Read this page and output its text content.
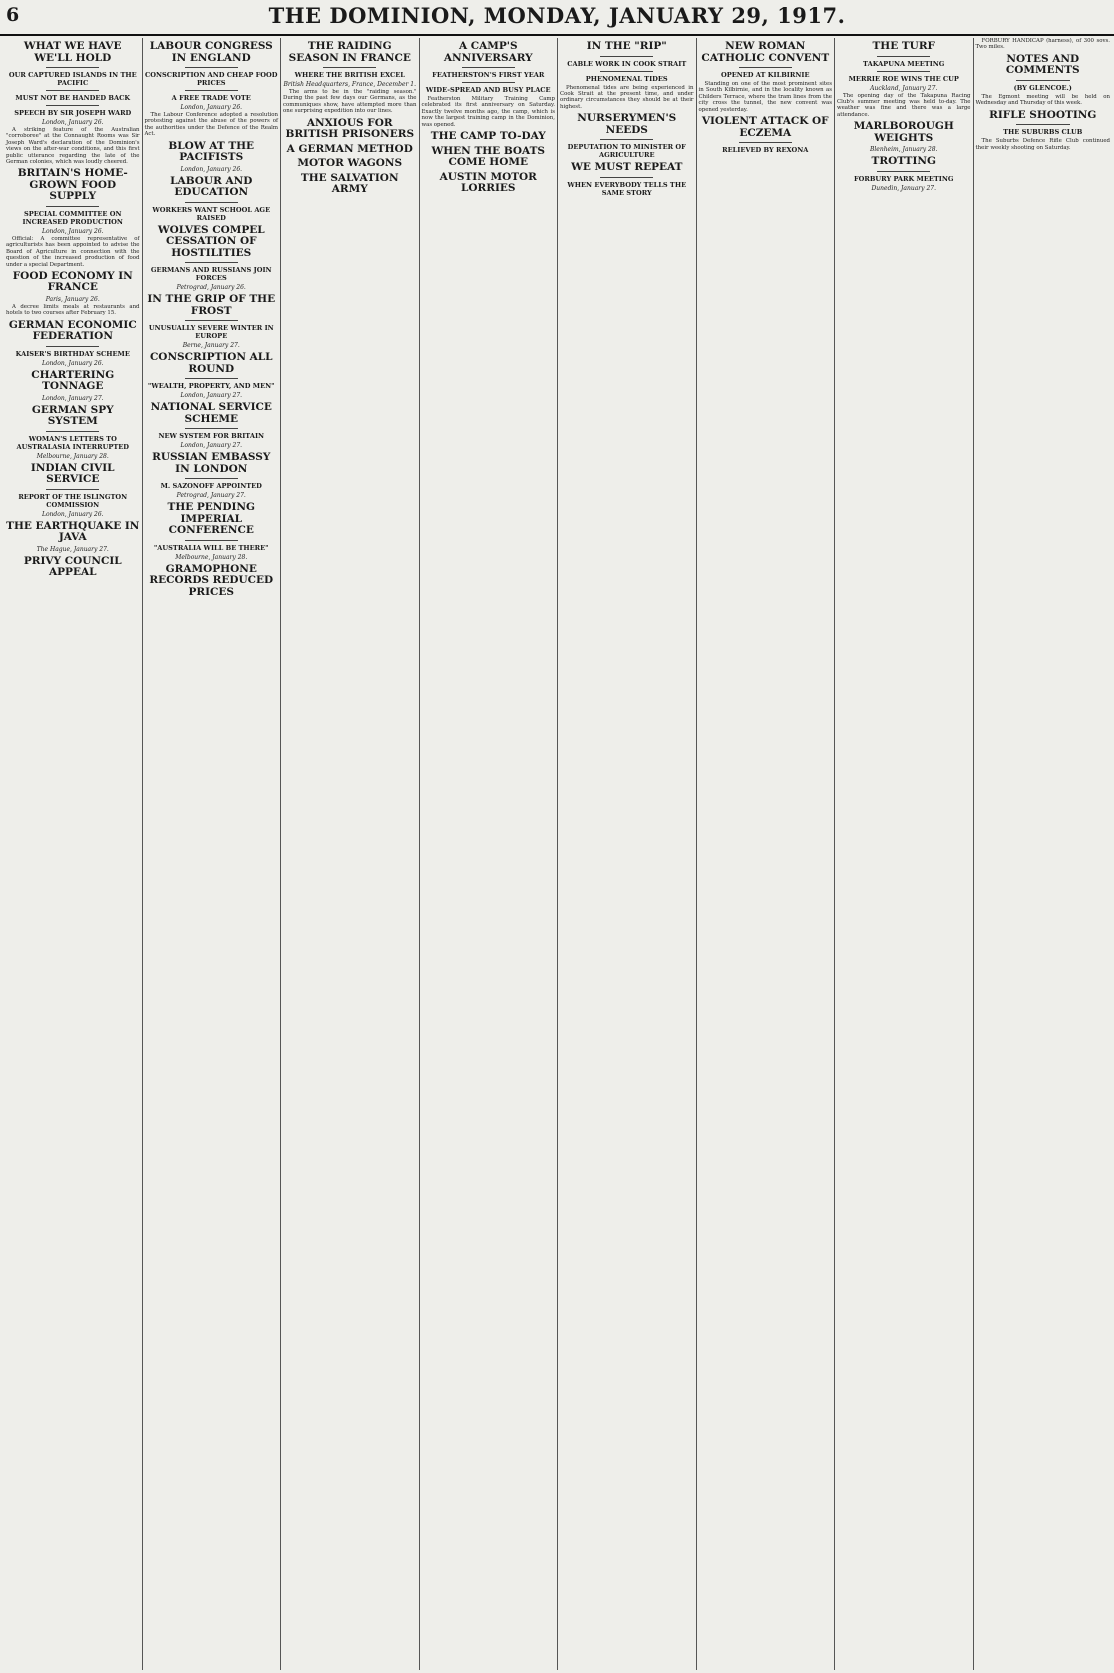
6	THE DOMINION, MONDAY, JANUARY 29, 1917.
WHAT WE HAVE WE'LL HOLD
OUR CAPTURED ISLANDS IN THE PACIFIC
MUST NOT BE HANDED BACK
SPEECH BY SIR JOSEPH WARD
London, January 26.

A striking feature of the Australian "corroboree" at the Connaught Rooms was Sir Joseph Ward's declaration of the Dominion's views on the after-war conditions, and this first public utterance regarding the late of the German colonies, which was loudly cheered.

BRITAIN'S HOME-GROWN FOOD SUPPLY
SPECIAL COMMITTEE ON INCREASED PRODUCTION
London, January 26.

Official: A committee representative of agriculturists has been appointed to advise the Board of Agriculture in connection with the question of the increased production of food under a special Department.

FOOD ECONOMY IN FRANCE
Paris, January 26.

A decree limits meals at restaurants and hotels to two courses after February 15.

GERMAN ECONOMIC FEDERATION
KAISER'S BIRTHDAY SCHEME
London, January 26.
CHARTERING TONNAGE
London, January 27.
GERMAN SPY SYSTEM
WOMAN'S LETTERS TO AUSTRALASIA INTERRUPTED
Melbourne, January 28.
INDIAN CIVIL SERVICE
REPORT OF THE ISLINGTON COMMISSION
London, January 26.
THE EARTHQUAKE IN JAVA
The Hague, January 27.
PRIVY COUNCIL APPEAL
LABOUR CONGRESS IN ENGLAND
CONSCRIPTION AND CHEAP FOOD PRICES
A FREE TRADE VOTE
London, January 26.

The Labour Conference adopted a resolution protesting against the abuse of the powers of the authorities under the Defence of the Realm Act.

BLOW AT THE PACIFISTS
London, January 26.
LABOUR AND EDUCATION
WORKERS WANT SCHOOL AGE RAISED
WOLVES COMPEL CESSATION OF HOSTILITIES
GERMANS AND RUSSIANS JOIN FORCES
Petrograd, January 26.
IN THE GRIP OF THE FROST
UNUSUALLY SEVERE WINTER IN EUROPE
Berne, January 27.
CONSCRIPTION ALL ROUND
"WEALTH, PROPERTY, AND MEN"
London, January 27.
NATIONAL SERVICE SCHEME
NEW SYSTEM FOR BRITAIN
London, January 27.
RUSSIAN EMBASSY IN LONDON
M. SAZONOFF APPOINTED
Petrograd, January 27.
THE PENDING IMPERIAL CONFERENCE
"AUSTRALIA WILL BE THERE"
Melbourne, January 28.
GRAMOPHONE RECORDS REDUCED PRICES
THE RAIDING SEASON IN FRANCE
WHERE THE BRITISH EXCEL
British Headquarters, France, December 1.

The arms to be in the "raiding season." During the past few days our Germans, as the communiques show, have attempted more than one surprising expedition into our lines.

ANXIOUS FOR BRITISH PRISONERS
A GERMAN METHOD
MOTOR WAGONS
THE SALVATION ARMY
A CAMP'S ANNIVERSARY
FEATHERSTON'S FIRST YEAR
WIDE-SPREAD AND BUSY PLACE

Featherston Military Training Camp celebrated its first anniversary on Saturday. Exactly twelve months ago, the camp, which is now the largest training camp in the Dominion, was opened.

THE CAMP TO-DAY
WHEN THE BOATS COME HOME
AUSTIN MOTOR LORRIES
IN THE "RIP"
CABLE WORK IN COOK STRAIT
PHENOMENAL TIDES

Phenomenal tides are being experienced in Cook Strait at the present time, and under ordinary circumstances they should be at their highest.

NURSERYMEN'S NEEDS
DEPUTATION TO MINISTER OF AGRICULTURE
WE MUST REPEAT
WHEN EVERYBODY TELLS THE SAME STORY
NEW ROMAN CATHOLIC CONVENT
OPENED AT KILBIRNIE

Standing on one of the most prominent sites in South Kilbirnie, and in the locality known as Childers Terrace, where the tram lines from the city cross the tunnel, the new convent was opened yesterday.

VIOLENT ATTACK OF ECZEMA
RELIEVED BY REXONA
THE TURF
TAKAPUNA MEETING
MERRIE ROE WINS THE CUP
Auckland, January 27.

The opening day of the Takapuna Racing Club's summer meeting was held to-day. The weather was fine and there was a large attendance.

MARLBOROUGH WEIGHTS
Blenheim, January 28.
TROTTING
FORBURY PARK MEETING
Dunedin, January 27.

FORBURY HANDICAP (harness), of 300 sovs. Two miles.

NOTES AND COMMENTS
(BY GLENCOE.)

The Egmont meeting will be held on Wednesday and Thursday of this week.

RIFLE SHOOTING
THE SUBURBS CLUB

The Suburbs Defence Rifle Club continued their weekly shooting on Saturday.
